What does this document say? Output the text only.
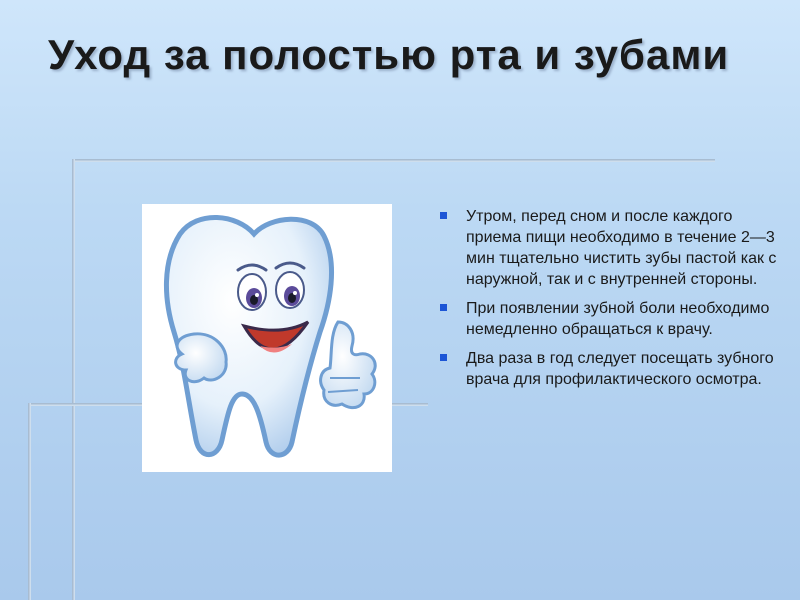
Уход за полостью рта и зубами
Утром, перед сном и после каждого приема пищи необходимо в течение 2—3 мин тщательно чистить зубы пастой как с наружной, так и с внутренней стороны.
При появлении зубной боли необходимо немедленно обращаться к врачу.
Два раза в год следует посещать зубного врача для профилактического осмотра.
